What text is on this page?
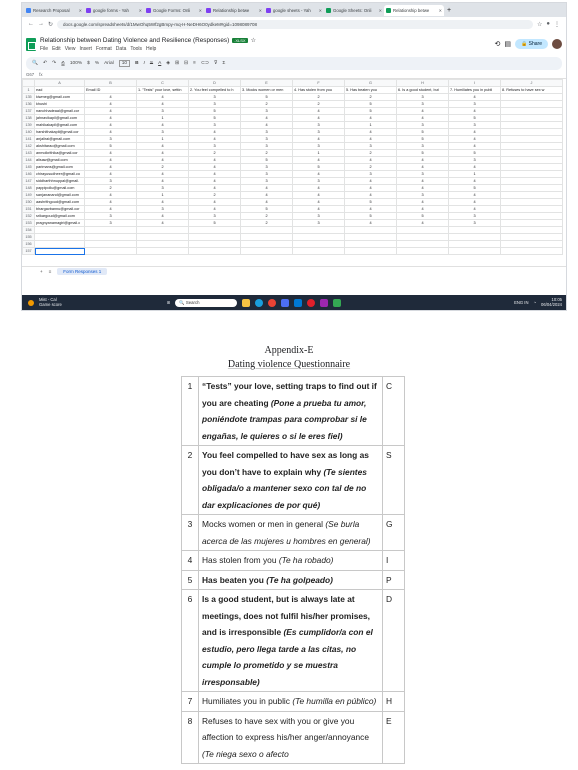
Research Proposal	✕	google forms - Yah	✕	Google Forms: Onli	✕	Relationship betwe	✕	google sheets - Yah	✕	Google Sheets: Onli	✕	Relationship betwe	✕ +
← → ↻	docs.google.com/spreadsheets/d/1MwOhq5Wf2gBmpy-mq-H-NeDH6O0ydkeM#gid=1098089708	☆ ● ⋮
Relationship between Dating Violence and Resilience (Responses)	.XLSX ☆
File Edit View Insert Format Data Tools Help
⟲ ▤	🔒 Share
🔍 ↶ ↷ ⎙ 100% $ % Arial	10	B I S A ◈ ⊞ ⊟ ≡ ⊂⊃ ⊽ Σ
G67 fx
	A	B	C	D	E	F	G	H	I	J		
1	ead	Email ID	1. "Tests" your love, settin	2. You feel compelled to h	3. Mocks women or men	4. Has stolen from you	5. Has beaten you	6. Is a good student, but	7. Humiliates you in publi	8. Refuses to have sex w	
135	kiwmeg@gmail.com	4	4	3	5	2	2	3	4		
136	khushi	4	4	3	2	2	5	3	3		
137	nanchhadeaal@gmail.cor	4	3	5	3	4	5	4	4		
138	jahnavikapil@gmail.com	4	1	5	4	4	4	4	5		
139	mahikakapil@gmail.com	4	4	3	4	3	1	3	3		
140	harshithakapil@gmail.cor	4	3	4	3	3	4	5	4		
141	anjalirai@gmail.com	3	1	4	3	4	4	5	4		
142	akshitarao@gmail.com	5	4	3	3	3	3	3	4		
143	anmolkrithika@gmail.cor	4	4	2	2	1	2	5	5		
144	alisaw@gmail.com	4	4	4	5	4	4	4	3		
145	parimans@gmail.com	4	2	4	3	5	2	4	4		
146	chirayusudheer@gmail.co	4	4	4	3	4	3	3	1		
147	siddharthhnuppal@gmail.	3	4	4	3	3	4	4	4		
148	pappipollu@gmail.com	2	3	4	4	4	4	4	5		
149	sanjananand@gmail.com	4	1	2	4	4	4	3	4		
150	aashrithgoud@gmail.com	4	4	4	4	4	5	4	4		
151	bhargavbannu@gmail.cor	4	3	4	5	4	4	4	4		
152	srikargoud@gmail.com	3	4	3	2	3	5	5	3		
153	pragnyanamagiri@gmail.c	3	4	5	2	3	4	4	3		
154											
155											
156											
157											
+ ≡	Form Responses 1
Mist - Cal
Game score	⊞	🔍 Search	ENG IN ◔
10:05
06/04/2024
Appendix-E
Dating violence Questionnaire
1	“Tests” your love, setting traps to find out if you are cheating (Pone a prueba tu amor, poniéndote trampas para comprobar si le engañas, le quieres o si le eres fiel)	C
2	You feel compelled to have sex as long as you don’t have to explain why (Te sientes obligada/o a mantener sexo con tal de no dar explicaciones de por qué)	S
3	Mocks women or men in general (Se burla acerca de las mujeres u hombres en general)	G
4	Has stolen from you (Te ha robado)	I
5	Has beaten you (Te ha golpeado)	P
6	Is a good student, but is always late at meetings, does not fulfil his/her promises, and is irresponsible (Es cumplidor/a con el estudio, pero llega tarde a las citas, no cumple lo prometido y se muestra irresponsable)	D
7	Humiliates you in public (Te humilla en público)	H
8	Refuses to have sex with you or give you affection to express his/her anger/annoyance (Te niega sexo o afecto	E
